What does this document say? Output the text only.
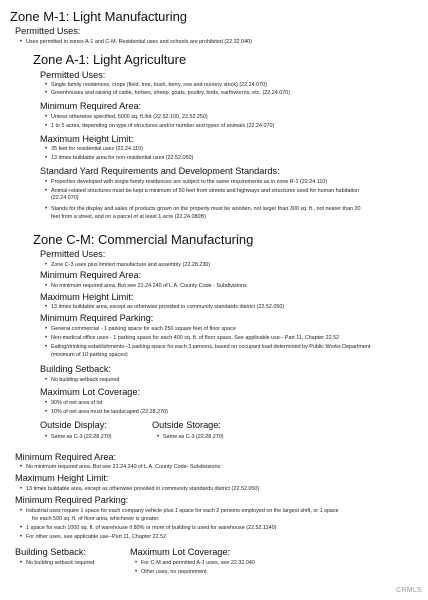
Zone M-1: Light Manufacturing
Permitted Uses:
• Uses permitted in zones A-1 and C-M. Residential uses and schools are prohibited (22.32.040)
Zone A-1: Light Agriculture
Permitted Uses:
• Single family residences, crops (field, tree, bush, berry, row and nursery stock) (22.24.070)
• Greenhouses and raising of cattle, horses, sheep, goats, poultry, birds, earthworms, etc. (22.24.070)
Minimum Required Area:
• Unless otherwise specified, 5000 sq. ft./lot (22.52.100, 22.52.250)
• 1 to 5 acres, depending on type of structures and/or number and types of animals (22.24.070)
Maximum Height Limit:
• 35 feet for residential uses (22.24.110)
• 13 times buildable area for non-residential uses (22.52.050)
Standard Yard Requirements and Development Standards:
• Properties developed with single family residences are subject to the same requirements as in zone R-1 (22.24.110)
• Animal-related structures must be kept a minimum of 50 feet from streets and highways and structures used for human habitation
(22.24.070)
• Stands for the display and sales of products grown on the property must be wooden, not larger than 300 sq. ft., not nearer than 20
feet from a street, and on a parcel of at least 1 acre (22.24.080B)
Zone C-M: Commercial Manufacturing
Permitted Uses:
• Zone C-3 uses plus limited manufacture and assembly (22.28.230)
Minimum Required Area:
• No minimum required area. But see 21.24.240 of L.A. County Code - Subdivisions
Maximum Height Limit:
• 13 times buildable area, except as otherwise provided in community standards district (22.52.050)
Minimum Required Parking:
• General commercial - 1 parking space for each 250 square feet of floor space
• Non-medical office uses - 1 parking space for each 400 sq. ft. of floor space. See applicable use-- Part 11, Chapter 22.52
• Eating/drinking establishments--1 parking space for each 3 persons, based on occupant load determined by Public Works Department
(minimum of 10 parking spaces)
Building Setback:
• No building setback required
Maximum Lot Coverage:
• 90% of net area of lot
• 10% of net area must be landscaped (22.28.270)
Outside Display:
• Same as C-3 (22.28.270)
Outside Storage:
• Same as C-3 (22.28.270)
Minimum Required Area:
• No minimum required area. But see 21.24.240 of L.A. County Code- Subdivisions
Maximum Height Limit:
• 13 times buildable area, except as otherwise provided in community standards district (22.52.050)
Minimum Required Parking:
• Industrial uses require 1 space for each company vehicle plus 1 space for each 2 persons employed on the largest shift, or 1 space
for each 500 sq. ft. of floor area, whichever is greater.
• 1 space for each 1000 sq. ft. of warehouse if 80% or more of building is used for warehouse (22.52.1140)
• For other uses, see applicable use--Part 11, Chapter 22.52
Building Setback:
• No building setback required
Maximum Lot Coverage:
• For C-M and permitted A-1 uses, see 22.32.040
• Other uses, no requirement
CRMLS
